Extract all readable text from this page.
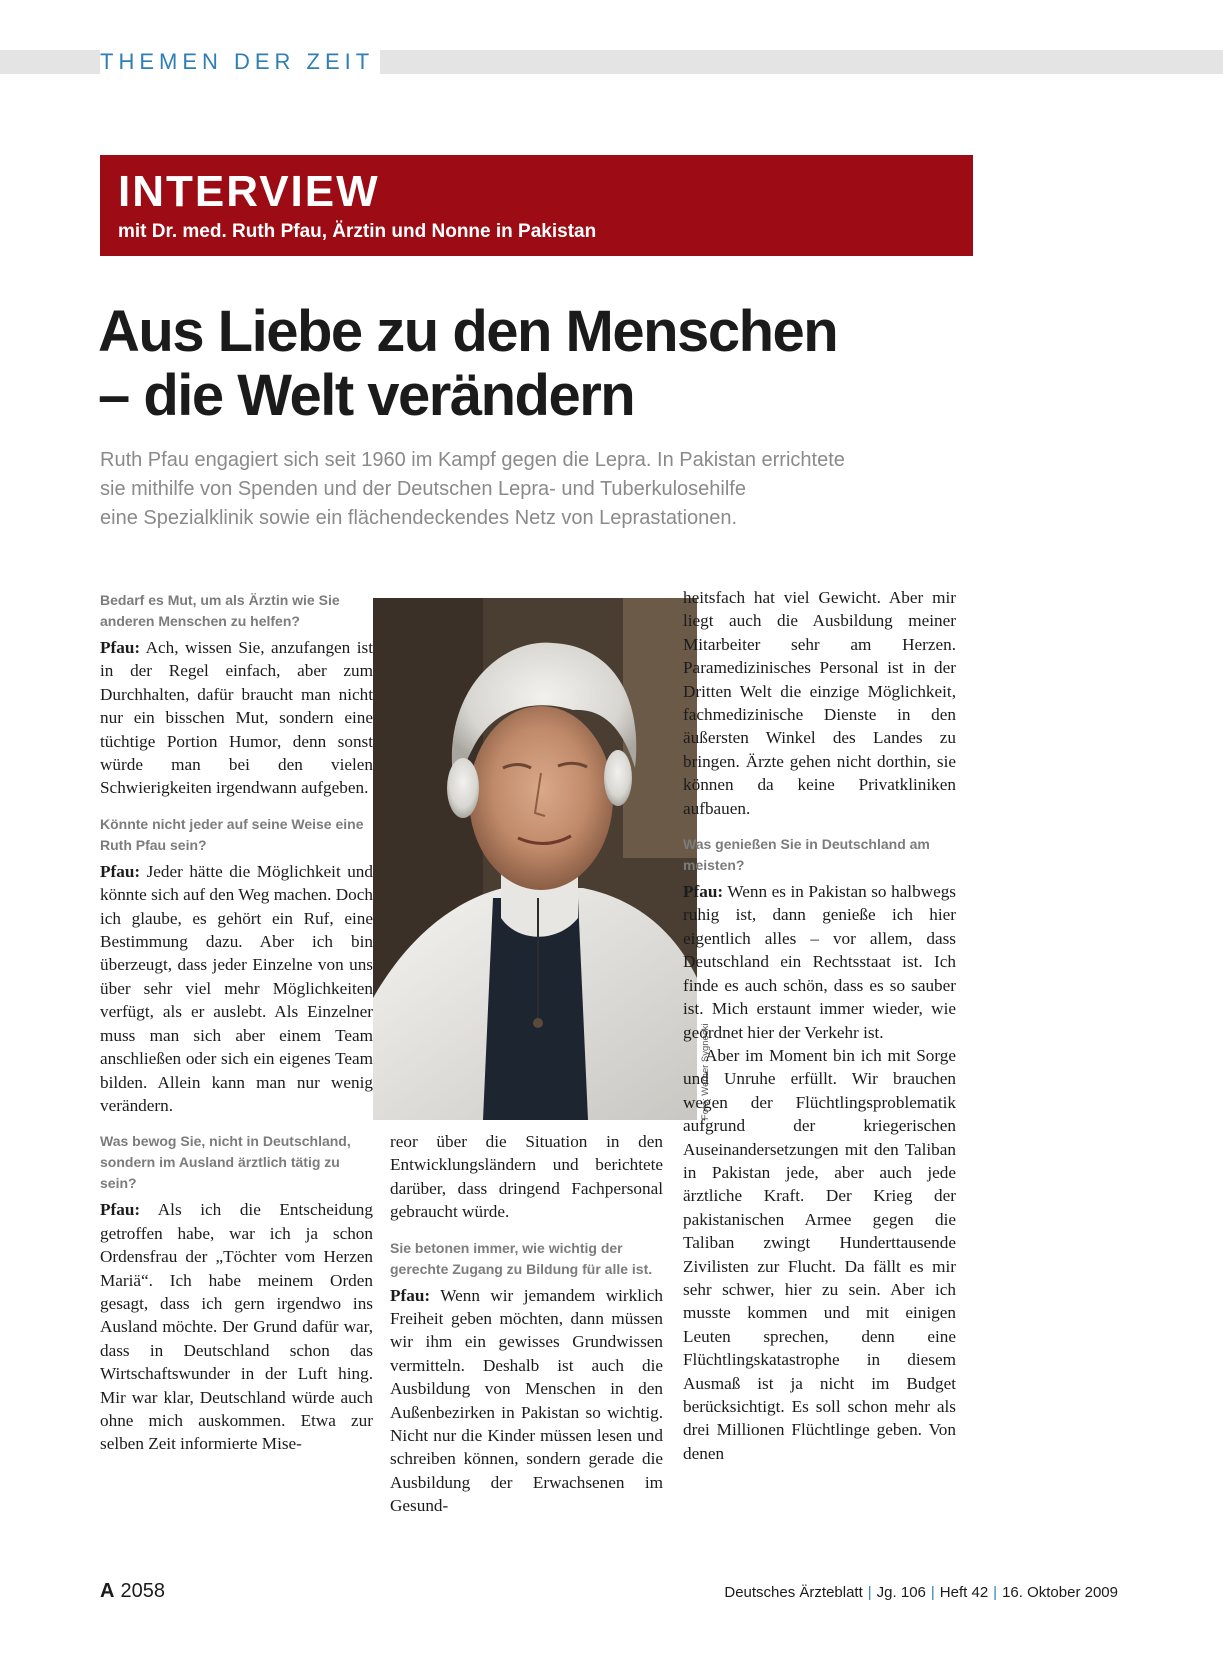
THEMEN DER ZEIT
INTERVIEW
mit Dr. med. Ruth Pfau, Ärztin und Nonne in Pakistan
Aus Liebe zu den Menschen
– die Welt verändern
Ruth Pfau engagiert sich seit 1960 im Kampf gegen die Lepra. In Pakistan errichtete
sie mithilfe von Spenden und der Deutschen Lepra- und Tuberkulosehilfe
eine Spezialklinik sowie ein flächendeckendes Netz von Leprastationen.
Bedarf es Mut, um als Ärztin wie Sie anderen Menschen zu helfen?

Pfau: Ach, wissen Sie, anzufangen ist in der Regel einfach, aber zum Durchhalten, dafür braucht man nicht nur ein bisschen Mut, sondern eine tüchtige Portion Humor, denn sonst würde man bei den vielen Schwierigkeiten irgendwann aufgeben.

Könnte nicht jeder auf seine Weise eine Ruth Pfau sein?

Pfau: Jeder hätte die Möglichkeit und könnte sich auf den Weg machen. Doch ich glaube, es gehört ein Ruf, eine Bestimmung dazu. Aber ich bin überzeugt, dass jeder Einzelne von uns über sehr viel mehr Möglichkeiten verfügt, als er auslebt. Als Einzelner muss man sich aber einem Team anschließen oder sich ein eigenes Team bilden. Allein kann man nur wenig verändern.

Was bewog Sie, nicht in Deutschland, sondern im Ausland ärztlich tätig zu sein?

Pfau: Als ich die Entscheidung getroffen habe, war ich ja schon Ordensfrau der „Töchter vom Herzen Mariä“. Ich habe meinem Orden gesagt, dass ich gern irgendwo ins Ausland möchte. Der Grund dafür war, dass in Deutschland schon das Wirtschaftswunder in der Luft hing. Mir war klar, Deutschland würde auch ohne mich auskommen. Etwa zur selben Zeit informierte Mise-

Foto: Werner Sygnecki

reor über die Situation in den Entwicklungsländern und berichtete darüber, dass dringend Fachpersonal gebraucht würde.

Sie betonen immer, wie wichtig der gerechte Zugang zu Bildung für alle ist.

Pfau: Wenn wir jemandem wirklich Freiheit geben möchten, dann müssen wir ihm ein gewisses Grundwissen vermitteln. Deshalb ist auch die Ausbildung von Menschen in den Außenbezirken in Pakistan so wichtig. Nicht nur die Kinder müssen lesen und schreiben können, sondern gerade die Ausbildung der Erwachsenen im Gesund-

heitsfach hat viel Gewicht. Aber mir liegt auch die Ausbildung meiner Mitarbeiter sehr am Herzen. Paramedizinisches Personal ist in der Dritten Welt die einzige Möglichkeit, fachmedizinische Dienste in den äußersten Winkel des Landes zu bringen. Ärzte gehen nicht dorthin, sie können da keine Privatkliniken aufbauen.

Was genießen Sie in Deutschland am meisten?

Pfau: Wenn es in Pakistan so halbwegs ruhig ist, dann genieße ich hier eigentlich alles – vor allem, dass Deutschland ein Rechtsstaat ist. Ich finde es auch schön, dass es so sauber ist. Mich erstaunt immer wieder, wie geordnet hier der Verkehr ist.

Aber im Moment bin ich mit Sorge und Unruhe erfüllt. Wir brauchen wegen der Flüchtlingsproblematik aufgrund der kriegerischen Auseinandersetzungen mit den Taliban in Pakistan jede, aber auch jede ärztliche Kraft. Der Krieg der pakistanischen Armee gegen die Taliban zwingt Hunderttausende Zivilisten zur Flucht. Da fällt es mir sehr schwer, hier zu sein. Aber ich musste kommen und mit einigen Leuten sprechen, denn eine Flüchtlingskatastrophe in diesem Ausmaß ist ja nicht im Budget berücksichtigt. Es soll schon mehr als drei Millionen Flüchtlinge geben. Von denen

A 2058	Deutsches Ärzteblatt | Jg. 106 | Heft 42 | 16. Oktober 2009
